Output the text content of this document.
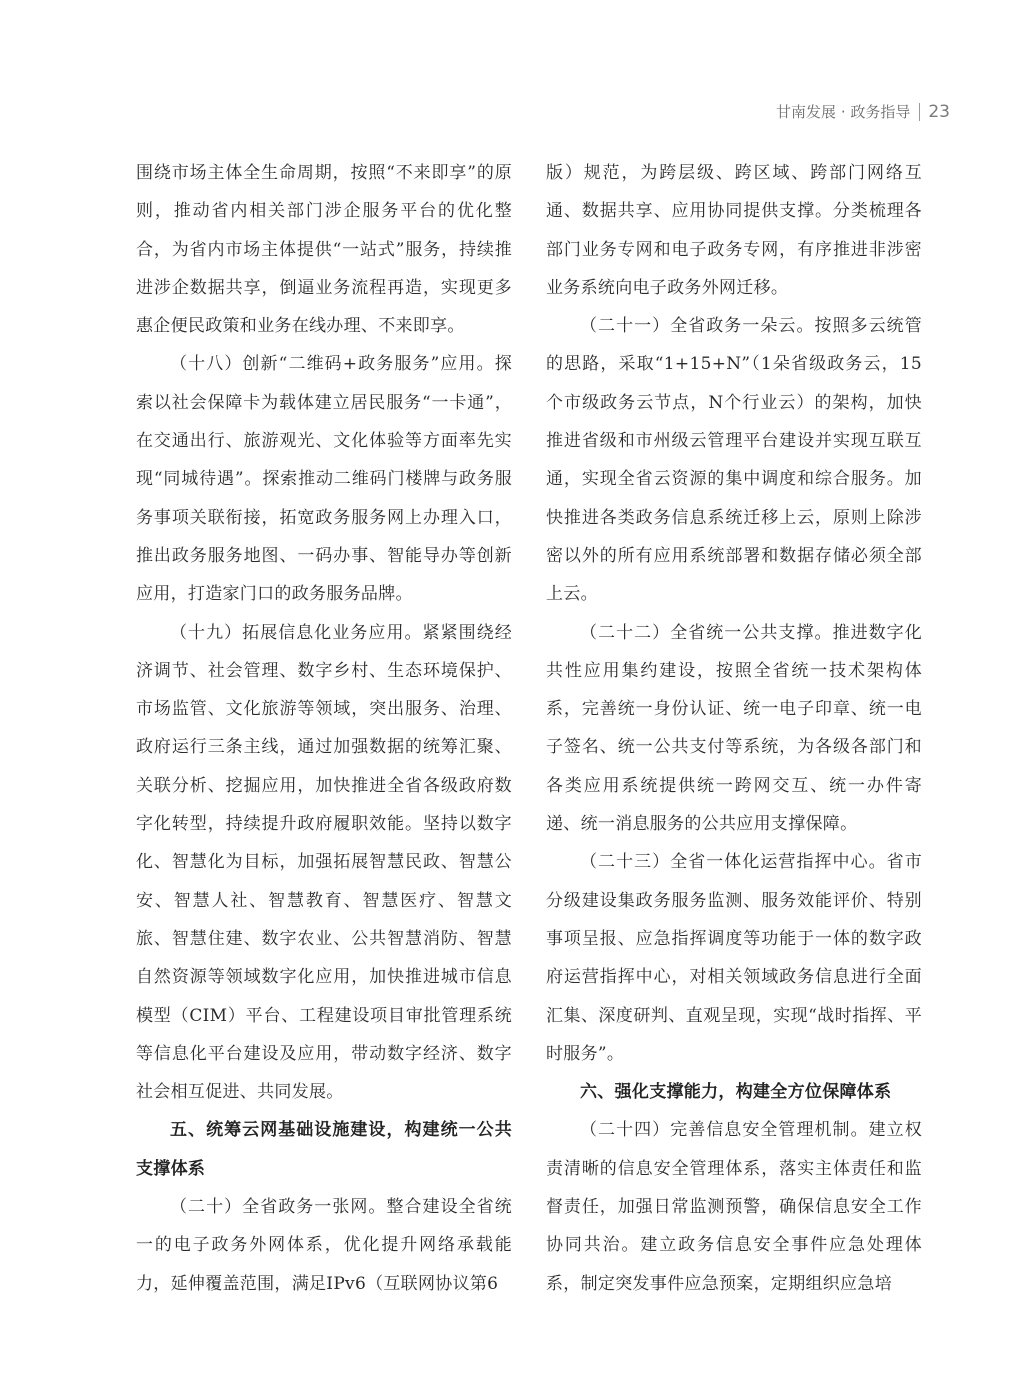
甘南发展 · 政务指导 23

围绕市场主体全生命周期，按照“不来即享”的原则，推动省内相关部门涉企服务平台的优化整合，为省内市场主体提供“一站式”服务，持续推进涉企数据共享，倒逼业务流程再造，实现更多惠企便民政策和业务在线办理、不来即享。

（十八）创新“二维码+政务服务”应用。探索以社会保障卡为载体建立居民服务“一卡通”，在交通出行、旅游观光、文化体验等方面率先实现“同城待遇”。探索推动二维码门楼牌与政务服务事项关联衔接，拓宽政务服务网上办理入口，推出政务服务地图、一码办事、智能导办等创新应用，打造家门口的政务服务品牌。

（十九）拓展信息化业务应用。紧紧围绕经济调节、社会管理、数字乡村、生态环境保护、市场监管、文化旅游等领域，突出服务、治理、政府运行三条主线，通过加强数据的统筹汇聚、关联分析、挖掘应用，加快推进全省各级政府数字化转型，持续提升政府履职效能。坚持以数字化、智慧化为目标，加强拓展智慧民政、智慧公安、智慧人社、智慧教育、智慧医疗、智慧文旅、智慧住建、数字农业、公共智慧消防、智慧自然资源等领域数字化应用，加快推进城市信息模型（CIM）平台、工程建设项目审批管理系统等信息化平台建设及应用，带动数字经济、数字社会相互促进、共同发展。

五、统筹云网基础设施建设，构建统一公共支撑体系

（二十）全省政务一张网。整合建设全省统一的电子政务外网体系，优化提升网络承载能力，延伸覆盖范围，满足IPv6（互联网协议第6

版）规范，为跨层级、跨区域、跨部门网络互通、数据共享、应用协同提供支撑。分类梳理各部门业务专网和电子政务专网，有序推进非涉密业务系统向电子政务外网迁移。

（二十一）全省政务一朵云。按照多云统管的思路，采取“1+15+N”（1朵省级政务云，15个市级政务云节点，N个行业云）的架构，加快推进省级和市州级云管理平台建设并实现互联互通，实现全省云资源的集中调度和综合服务。加快推进各类政务信息系统迁移上云，原则上除涉密以外的所有应用系统部署和数据存储必须全部上云。

（二十二）全省统一公共支撑。推进数字化共性应用集约建设，按照全省统一技术架构体系，完善统一身份认证、统一电子印章、统一电子签名、统一公共支付等系统，为各级各部门和各类应用系统提供统一跨网交互、统一办件寄递、统一消息服务的公共应用支撑保障。

（二十三）全省一体化运营指挥中心。省市分级建设集政务服务监测、服务效能评价、特别事项呈报、应急指挥调度等功能于一体的数字政府运营指挥中心，对相关领域政务信息进行全面汇集、深度研判、直观呈现，实现“战时指挥、平时服务”。

六、强化支撑能力，构建全方位保障体系

（二十四）完善信息安全管理机制。建立权责清晰的信息安全管理体系，落实主体责任和监督责任，加强日常监测预警，确保信息安全工作协同共治。建立政务信息安全事件应急处理体系，制定突发事件应急预案，定期组织应急培
